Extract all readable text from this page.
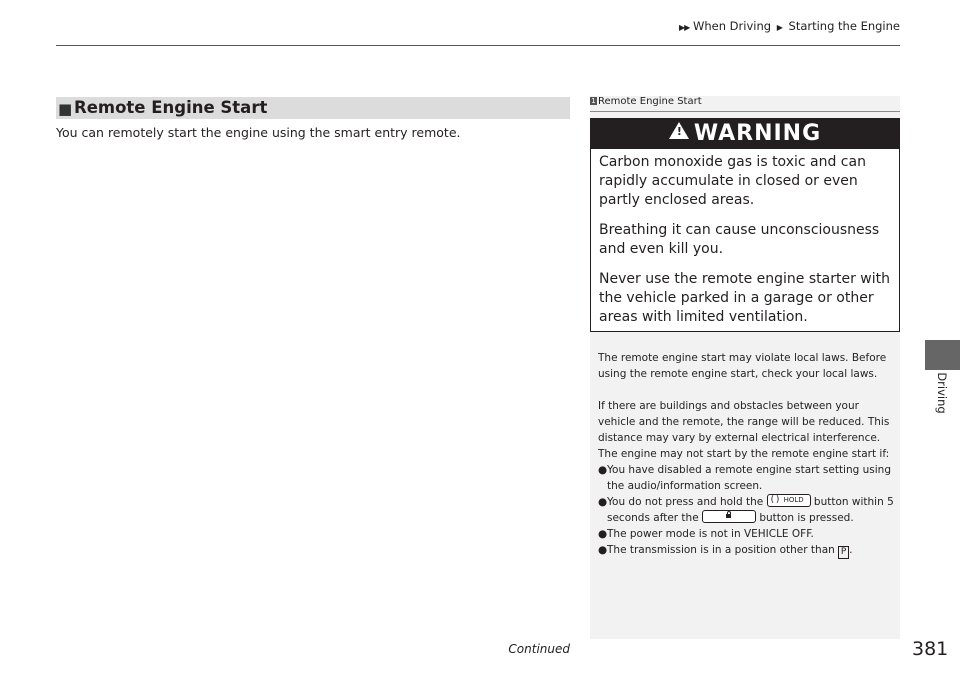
▶▶ When Driving ▶ Starting the Engine
■ Remote Engine Start
You can remotely start the engine using the smart entry remote.
1 Remote Engine Start
! WARNING

Carbon monoxide gas is toxic and can rapidly accumulate in closed or even partly enclosed areas.

Breathing it can cause unconsciousness and even kill you.

Never use the remote engine starter with the vehicle parked in a garage or other areas with limited ventilation.

The remote engine start may violate local laws. Before using the remote engine start, check your local laws.

If there are buildings and obstacles between your vehicle and the remote, the range will be reduced. This distance may vary by external electrical interference.

The engine may not start by the remote engine start if:

● You have disabled a remote engine start setting using the audio/information screen.
● You do not press and hold the ( ) HOLD button within 5 seconds after the	button is pressed.
● The power mode is not in VEHICLE OFF.
● The transmission is in a position other than P .
Driving
Continued	381
